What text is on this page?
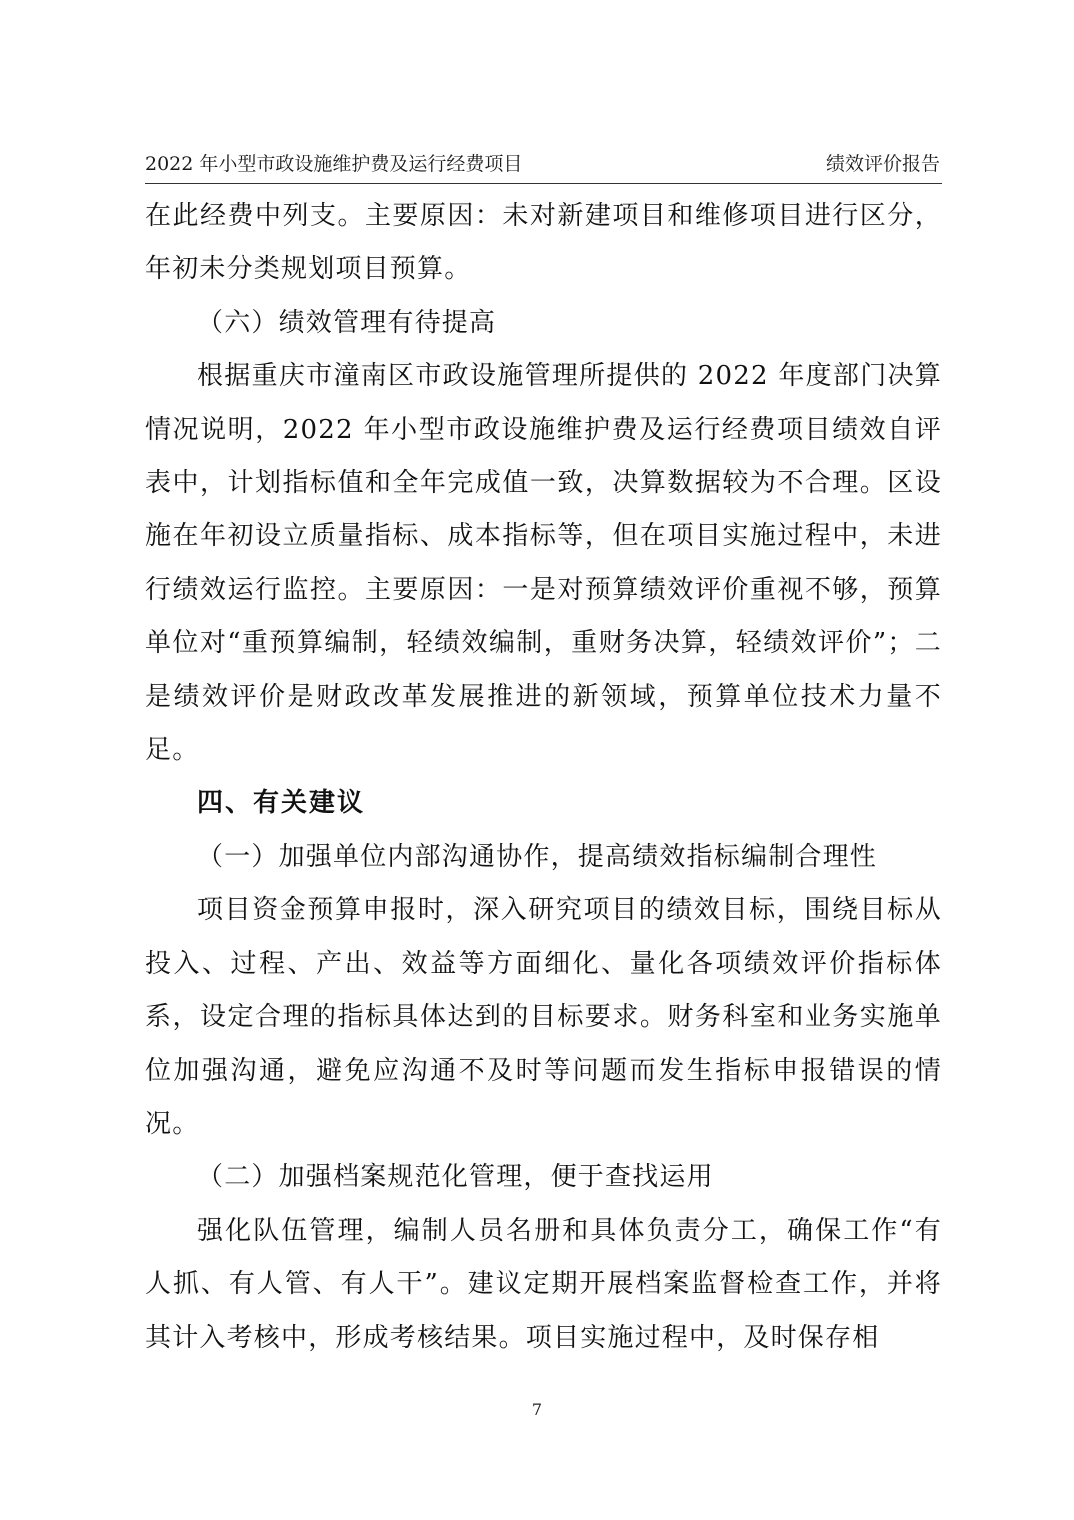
2022 年小型市政设施维护费及运行经费项目	绩效评价报告

在此经费中列支。主要原因：未对新建项目和维修项目进行区分，年初未分类规划项目预算。

（六）绩效管理有待提高

根据重庆市潼南区市政设施管理所提供的 2022 年度部门决算情况说明，2022 年小型市政设施维护费及运行经费项目绩效自评表中，计划指标值和全年完成值一致，决算数据较为不合理。区设施在年初设立质量指标、成本指标等，但在项目实施过程中，未进行绩效运行监控。主要原因：一是对预算绩效评价重视不够，预算单位对“重预算编制，轻绩效编制，重财务决算，轻绩效评价”；二是绩效评价是财政改革发展推进的新领域，预算单位技术力量不足。

四、有关建议
（一）加强单位内部沟通协作，提高绩效指标编制合理性

项目资金预算申报时，深入研究项目的绩效目标，围绕目标从投入、过程、产出、效益等方面细化、量化各项绩效评价指标体系，设定合理的指标具体达到的目标要求。财务科室和业务实施单位加强沟通，避免应沟通不及时等问题而发生指标申报错误的情况。

（二）加强档案规范化管理，便于查找运用

强化队伍管理，编制人员名册和具体负责分工，确保工作“有人抓、有人管、有人干”。建议定期开展档案监督检查工作，并将其计入考核中，形成考核结果。项目实施过程中，及时保存相

7
